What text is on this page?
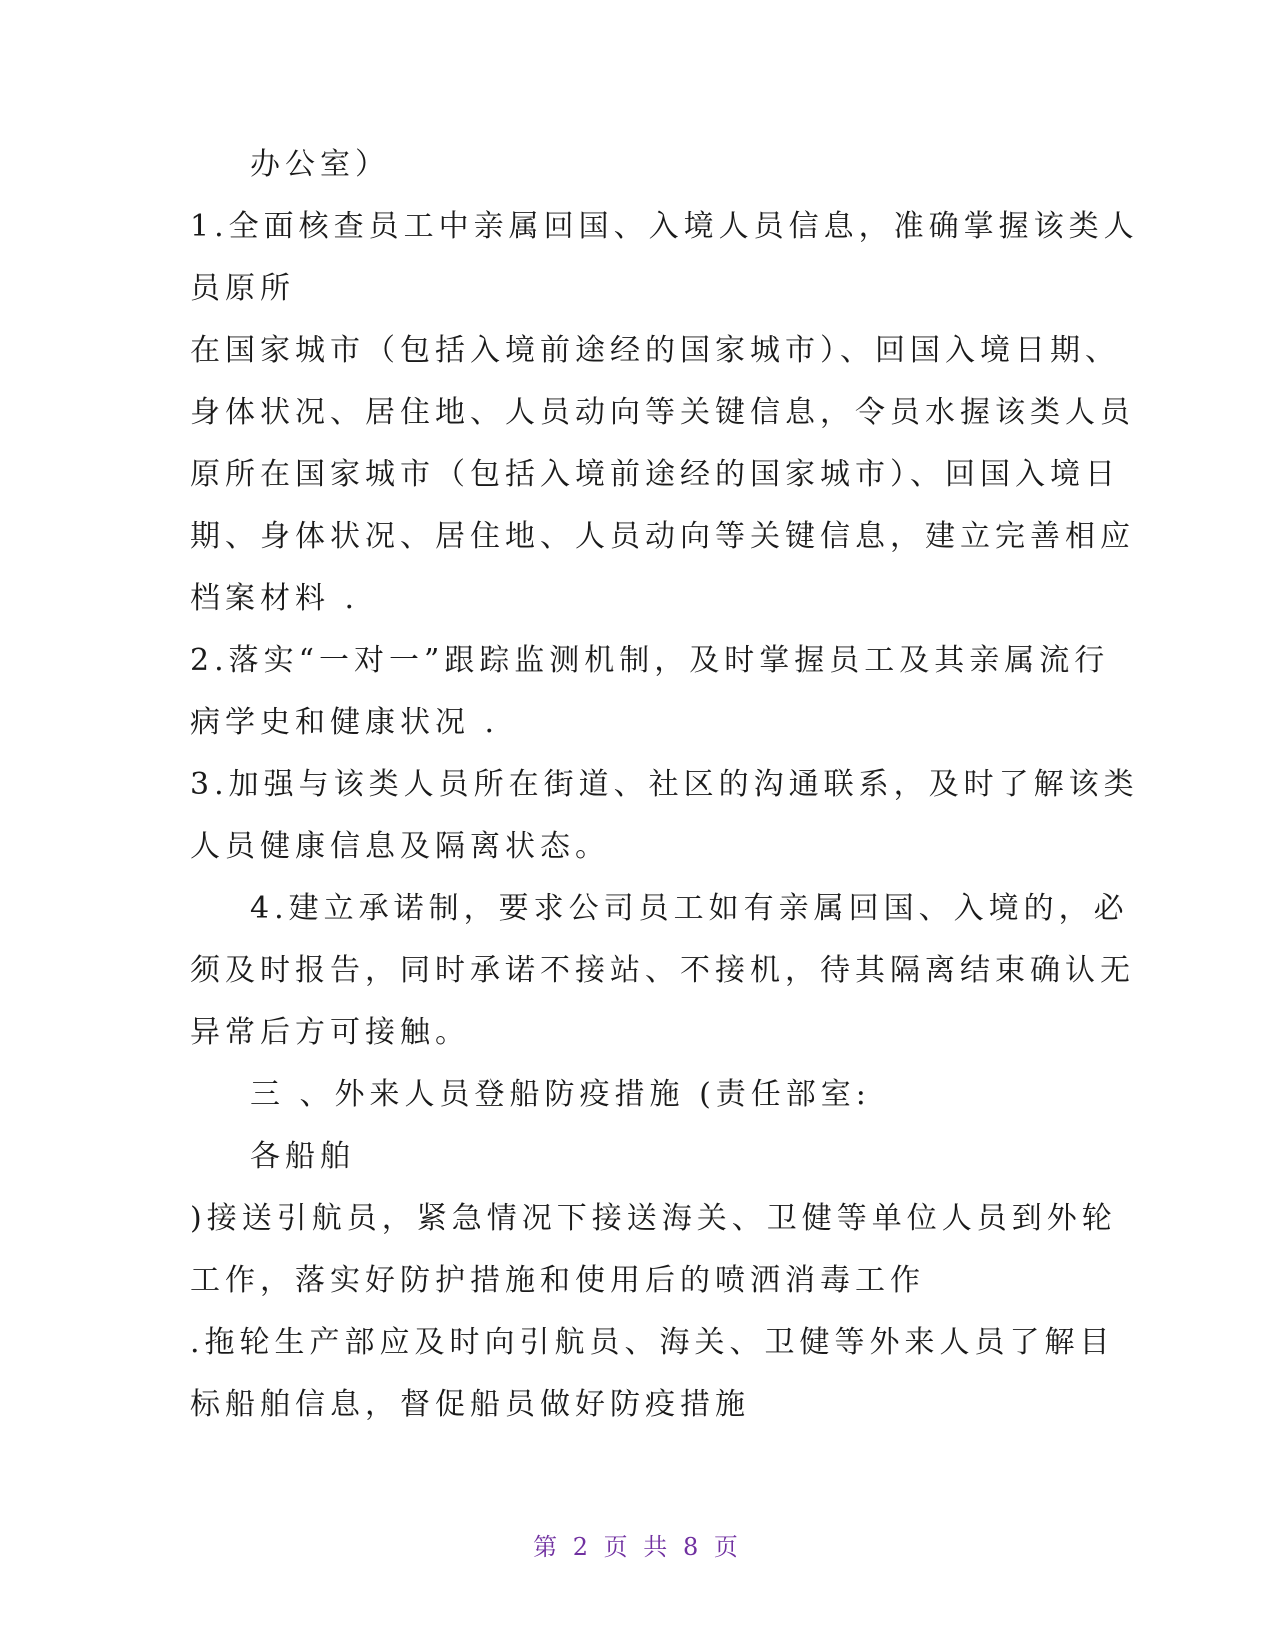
办公室）
1.全面核查员工中亲属回国、入境人员信息，准确掌握该类人
员原所
在国家城市（包括入境前途经的国家城市）、回国入境日期、
身体状况、居住地、人员动向等关键信息，令员水握该类人员
原所在国家城市（包括入境前途经的国家城市）、回国入境日
期、身体状况、居住地、人员动向等关键信息，建立完善相应
档案材料 .
2.落实“一对一”跟踪监测机制，及时掌握员工及其亲属流行
病学史和健康状况 .
3.加强与该类人员所在街道、社区的沟通联系，及时了解该类
人员健康信息及隔离状态。
4.建立承诺制，要求公司员工如有亲属回国、入境的，必
须及时报告，同时承诺不接站、不接机，待其隔离结束确认无
异常后方可接触。
三 、外来人员登船防疫措施 (责任部室:
各船舶
)接送引航员，紧急情况下接送海关、卫健等单位人员到外轮
工作，落实好防护措施和使用后的喷洒消毒工作
.拖轮生产部应及时向引航员、海关、卫健等外来人员了解目
标船舶信息，督促船员做好防疫措施
第 2 页 共 8 页
